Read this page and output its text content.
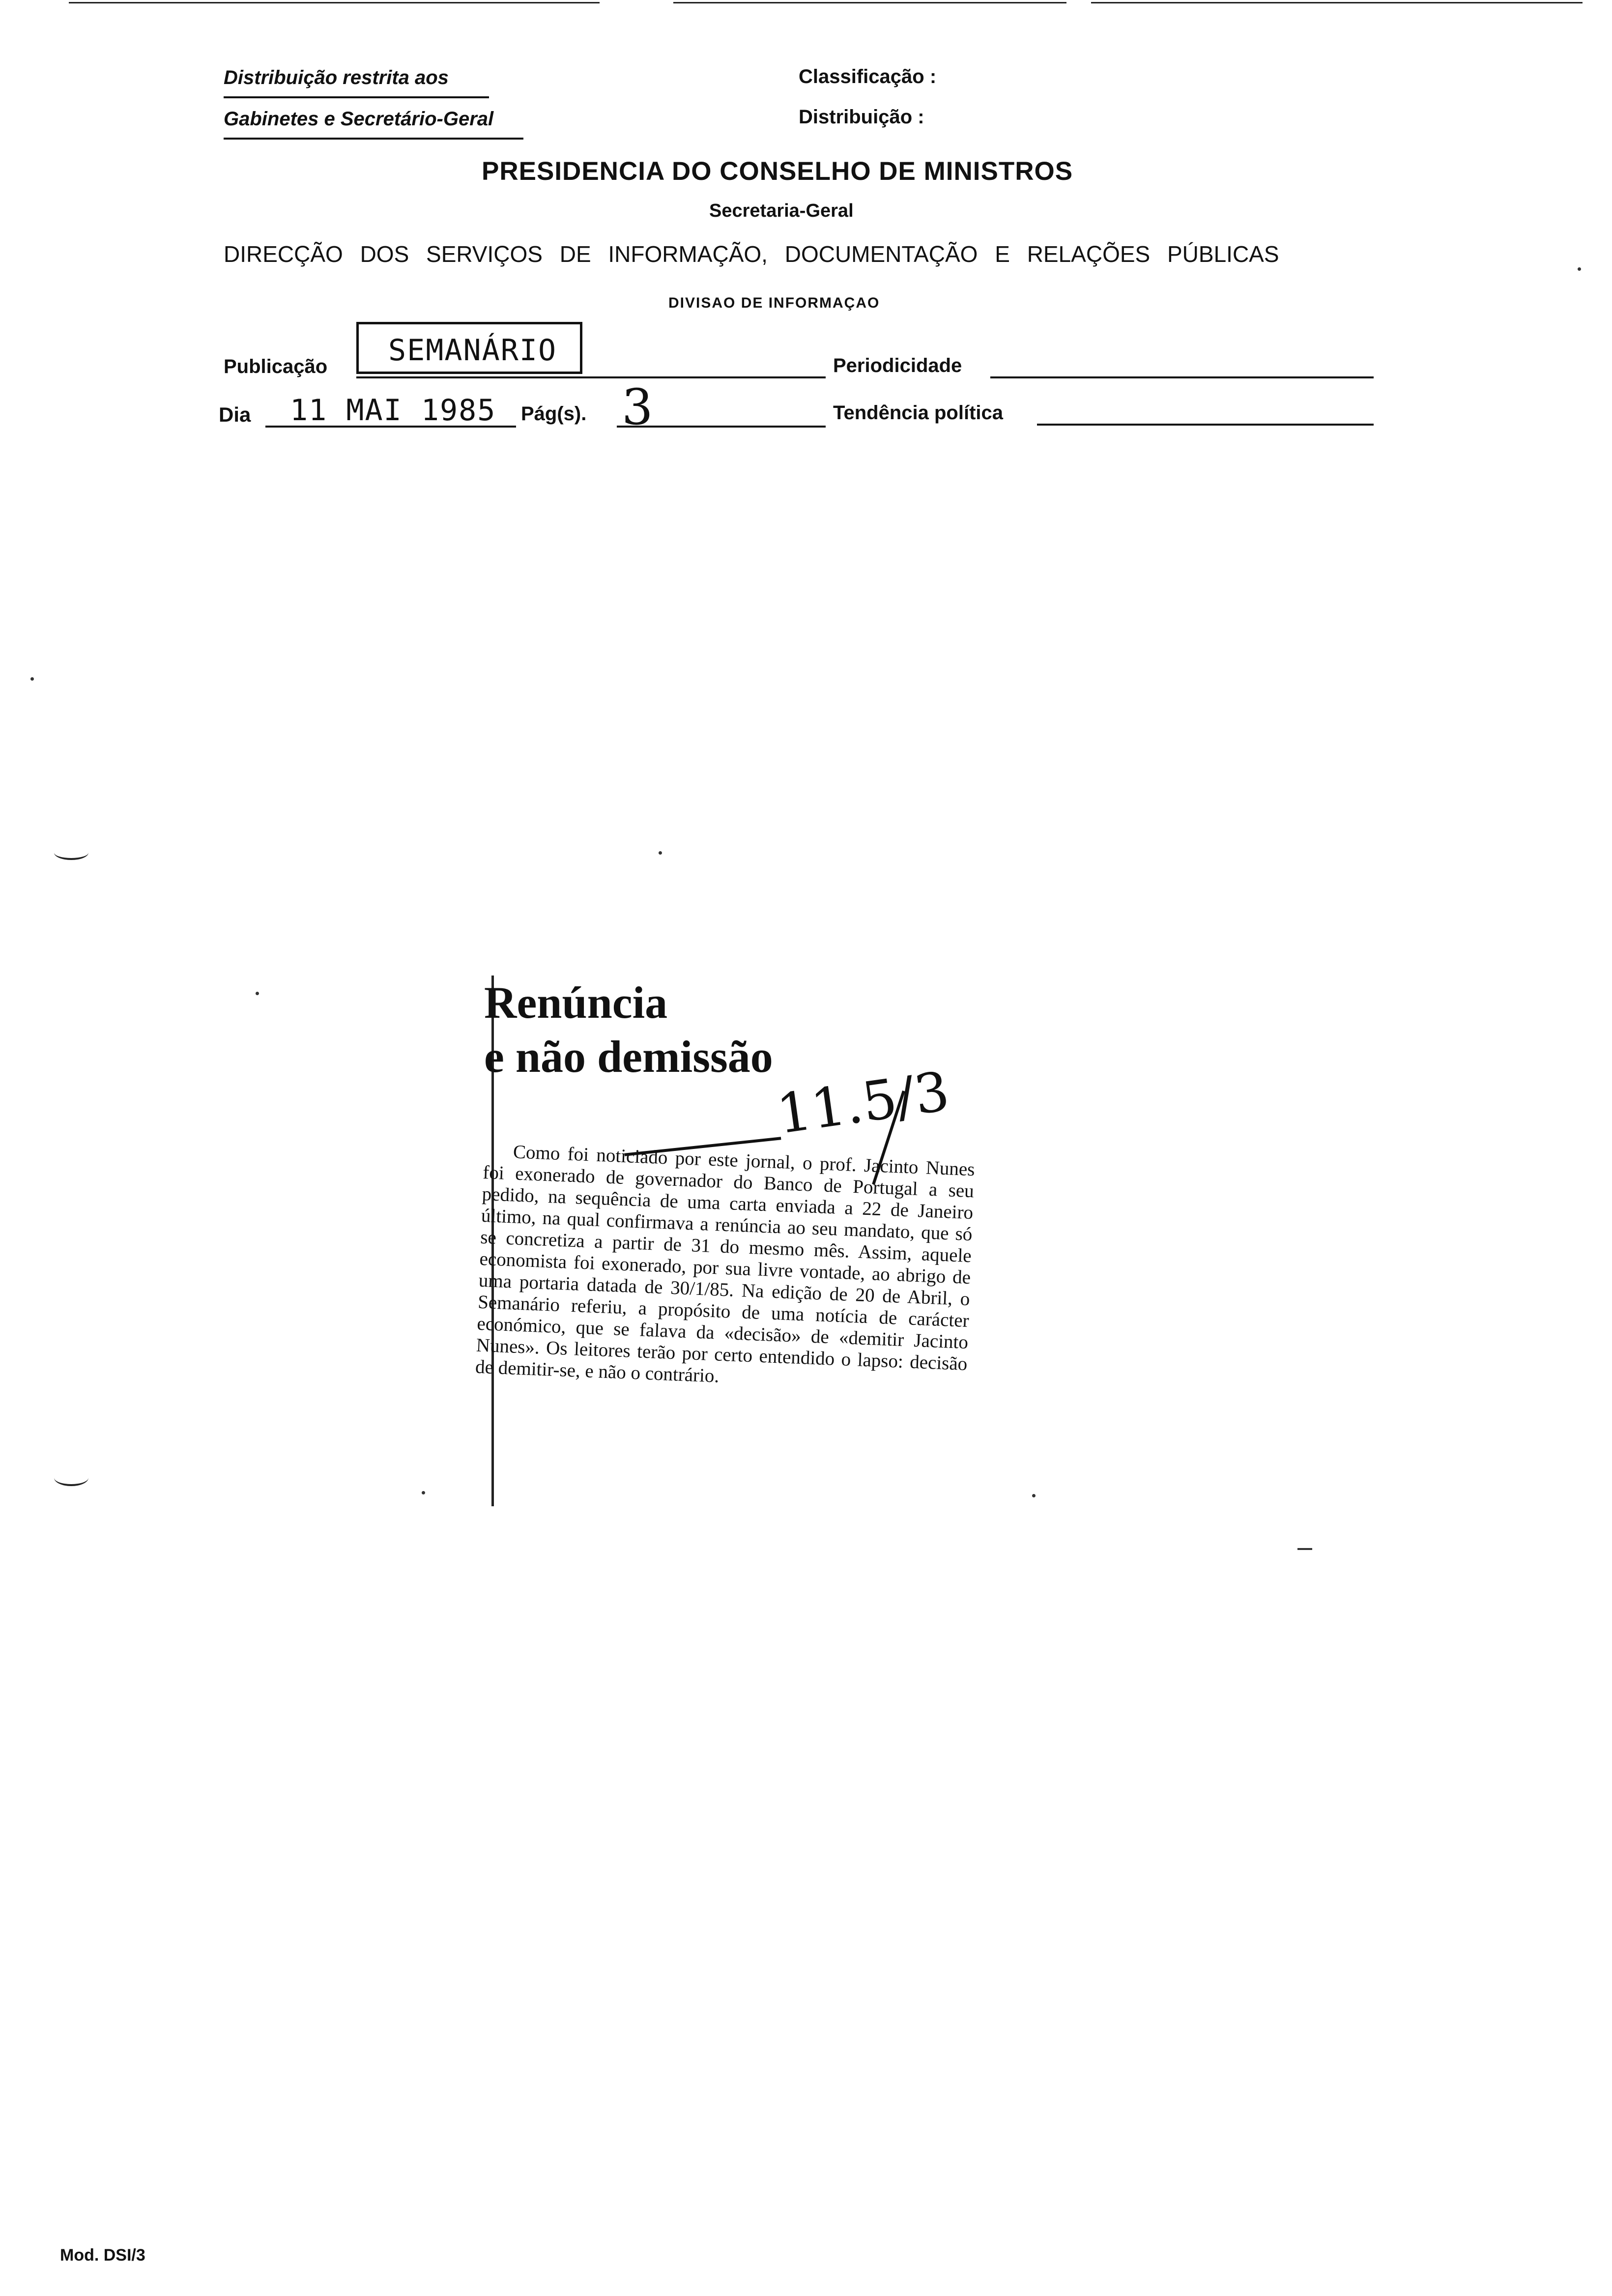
Distribuição restrita aos
Gabinetes e Secretário-Geral
Classificação :
Distribuição :
PRESIDENCIA DO CONSELHO DE MINISTROS
Secretaria-Geral
DIRECÇÃO DOS SERVIÇOS DE INFORMAÇÃO, DOCUMENTAÇÃO E RELAÇÕES PÚBLICAS
DIVISAO DE INFORMAÇAO
Publicação	SEMANÁRIO	Periodicidade
Dia 11 MAI 1985 Pág(s). 3	Tendência política
Renúncia
e não demissão

Como foi noticiado por este jornal, o prof. Jacinto Nunes foi exonerado de governador do Banco de Portugal a seu pedido, na sequência de uma carta enviada a 22 de Janeiro último, na qual confirmava a renúncia ao seu mandato, que só se concretiza a partir de 31 do mesmo mês. Assim, aquele economista foi exonerado, por sua livre vontade, ao abrigo de uma portaria datada de 30/1/85. Na edição de 20 de Abril, o Semanário referiu, a propósito de uma notícia de carácter económico, que se falava da «decisão» de «demitir Jacinto Nunes». Os leitores terão por certo entendido o lapso: decisão de demitir-se, e não o contrário.

11.5/3
Mod. DSI/3
